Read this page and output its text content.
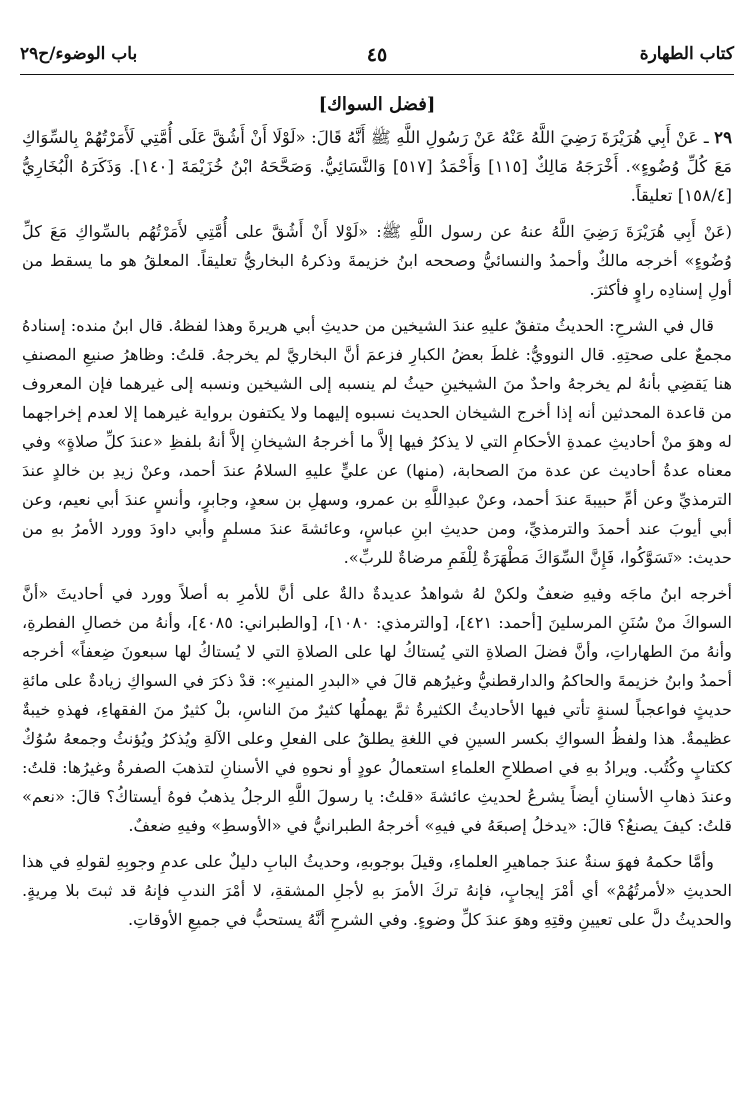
كتاب الطهارة
٤٥
باب الوضوء/ح٢٩
[فضل السواك]

٢٩ ـ عَنْ أَبِي هُرَيْرَةَ رَضِيَ اللَّهُ عَنْهُ عَنْ رَسُولِ اللَّهِ ﷺ أَنَّهُ قَالَ: «لَوْلَا أَنْ أَشُقَّ عَلَى أُمَّتِي لَأَمَرْتُهُمْ بِالسِّوَاكِ مَعَ كُلِّ وُضُوءٍ». أَخْرَجَهُ مَالِكٌ [١١٥] وَأَحْمَدُ [٥١٧] وَالنَّسَائِيُّ. وَصَحَّحَهُ ابْنُ خُزَيْمَةَ [١٤٠]. وَذَكَرَهُ الْبُخَارِيُّ [١٥٨/٤] تعليقاً.

(عَنْ أَبِي هُرَيْرَةَ رَضِيَ اللَّهُ عنهُ عن رسول اللَّهِ ﷺ: «لَوْلا أَنْ أَشُقَّ على أُمَّتِي لأَمَرْتُهُم بالسِّواكِ مَعَ كلِّ وُضُوءٍ» أخرجه مالكٌ وأحمدُ والنسائيُّ وصححه ابنُ خزيمةَ وذكرهُ البخاريُّ تعليقاً. المعلقُ هو ما يسقط من أولِ إسنادِه راوٍ فأكثرَ.

قال في الشرحِ: الحديثُ متفقٌ عليهِ عندَ الشيخين من حديثِ أبي هريرةَ وهذا لفظهُ. قال ابنُ منده: إسنادهُ مجمعٌ على صحتِهِ. قال النوويُّ: غلطَ بعضُ الكبارِ فزعمَ أنَّ البخاريَّ لم يخرجهُ. قلتُ: وظاهرُ صنيعِ المصنفِ هنا يَقضِي بأنهُ لم يخرجهُ واحدٌ منَ الشيخينِ حيثُ لم ينسبه إلى الشيخين ونسبه إلى غيرهما فإن المعروف من قاعدة المحدثين أنه إذا أخرج الشيخان الحديث نسبوه إليهما ولا يكتفون برواية غيرهما إلا لعدم إخراجهما له وهوَ منْ أحاديثِ عمدةِ الأحكامِ التي لا يذكرُ فيها إلاَّ ما أخرجهُ الشيخانِ إلاَّ أنهُ بلفظِ «عندَ كلِّ صلاةٍ» وفي معناه عدةُ أحاديث عن عدة منَ الصحابة، (منها) عن عليٍّ عليهِ السلامُ عندَ أحمد، وعنْ زيدِ بن خالدٍ عندَ الترمذيِّ وعن أمِّ حبيبةَ عندَ أحمد، وعنْ عبدِاللَّهِ بن عمرو، وسهلِ بن سعدٍ، وجابرٍ، وأنسٍ عندَ أبي نعيم، وعن أبي أيوبَ عند أحمدَ والترمذيِّ، ومن حديثِ ابنِ عباسٍ، وعائشةَ عندَ مسلمٍ وأبي داودَ وورد الأمرُ بهِ من حديث: «تَسَوَّكُوا، فَإِنَّ السِّوَاكَ مَطْهَرَةٌ لِلْفَمِ مرضاةٌ للربِّ».

أخرجه ابنُ ماجَه وفيهِ ضعفٌ ولكنْ لهُ شواهدُ عديدةٌ دالةٌ على أنَّ للأمرِ به أصلاً وورد في أحاديثَ «أنَّ السواكَ منْ سُنَنِ المرسلينَ [أحمد: ٤٢١]، [والترمذي: ١٠٨٠]، [والطبراني: ٤٠٨٥]، وأنهُ من خصالِ الفطرةِ، وأنهُ منَ الطهاراتِ، وأنَّ فضلَ الصلاةِ التي يُستاكُ لها على الصلاةِ التي لا يُستاكُ لها سبعونَ ضِعفاً» أخرجه أحمدُ وابنُ خزيمةَ والحاكمُ والدارقطنيُّ وغيرُهم قالَ في «البدرِ المنيرِ»: قدْ ذكرَ في السواكِ زيادةٌ على مائةِ حديثٍ فواعجباً لسنةٍ تأتي فيها الأحاديثُ الكثيرةُ ثمَّ يهملُها كثيرٌ منَ الناسِ، بلْ كثيرٌ منَ الفقهاءِ، فهذهِ خيبةٌ عظيمةٌ. هذا ولفظُ السواكِ بكسر السينِ في اللغةِ يطلقُ على الفعلِ وعلى الآلةِ ويُذكرُ ويُؤنثُ وجمعهُ سُوُكٌ ككتابٍ وكُتُب. ويرادُ بهِ في اصطلاحِ العلماءِ استعمالُ عودٍ أو نحوهِ في الأسنانِ لتذهبَ الصفرةُ وغيرُها: قلتُ: وعندَ ذهابِ الأسنانِ أيضاً يشرعُ لحديثِ عائشةَ «قلتُ: يا رسولَ اللَّهِ الرجلُ يذهبُ فوهُ أيستاكُ؟ قالَ: «نعم» قلتُ: كيفَ يصنعُ؟ قالَ: «يدخلُ إصبعَهُ في فيهِ» أخرجهُ الطبرانيُّ في «الأوسطِ» وفيهِ ضعفٌ.

وأمَّا حكمهُ فهوَ سنةٌ عندَ جماهيرِ العلماءِ، وقيلَ بوجوبهِ، وحديثُ البابِ دليلٌ على عدمِ وجوبِهِ لقولهِ في هذا الحديثِ «لأمرتُهُمْ» أي أمْرَ إيجابٍ، فإنهُ تركَ الأمرَ بهِ لأجلِ المشقةِ، لا أمْرَ الندبِ فإنهُ قد ثبتَ بلا مِريةٍ. والحديثُ دلَّ على تعيينِ وقتِهِ وهوَ عندَ كلِّ وضوءٍ. وفي الشرحِ أنَّهُ يستحبُّ في جميعِ الأوقاتِ.
